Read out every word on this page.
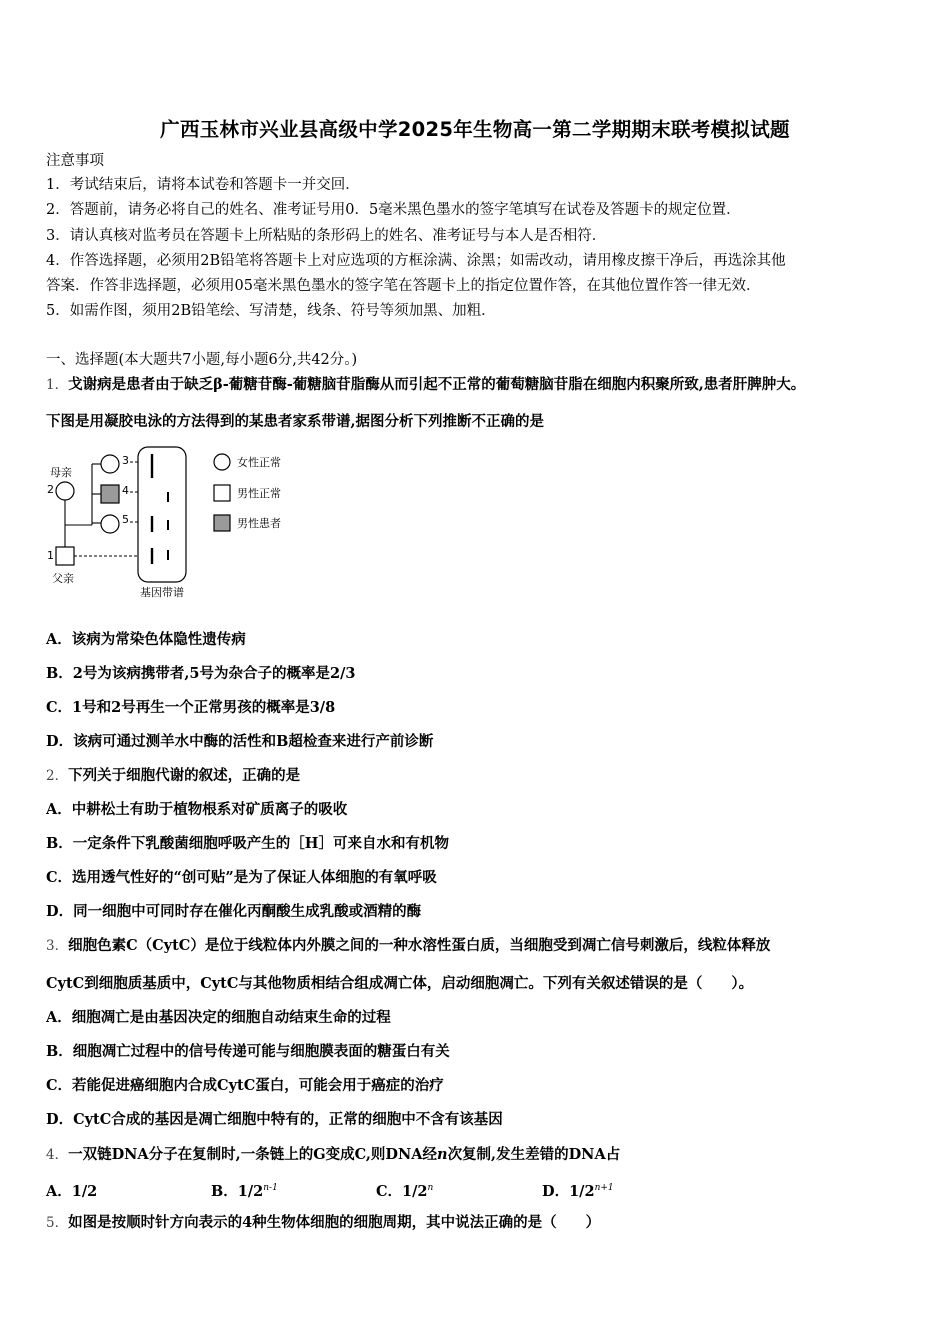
广西玉林市兴业县高级中学2025年生物高一第二学期期末联考模拟试题
注意事项
1．考试结束后，请将本试卷和答题卡一并交回．
2．答题前，请务必将自己的姓名、准考证号用0．5毫米黑色墨水的签字笔填写在试卷及答题卡的规定位置．
3．请认真核对监考员在答题卡上所粘贴的条形码上的姓名、准考证号与本人是否相符．
4．作答选择题，必须用2B铅笔将答题卡上对应选项的方框涂满、涂黑；如需改动，请用橡皮擦干净后，再选涂其他
答案．作答非选择题，必须用05毫米黑色墨水的签字笔在答题卡上的指定位置作答，在其他位置作答一律无效．
5．如需作图，须用2B铅笔绘、写清楚，线条、符号等须加黑、加粗．
一、选择题(本大题共7小题,每小题6分,共42分。)
1．戈谢病是患者由于缺乏β-葡糖苷酶-葡糖脑苷脂酶从而引起不正常的葡萄糖脑苷脂在细胞内积聚所致,患者肝脾肿大。
下图是用凝胶电泳的方法得到的某患者家系带谱,据图分析下列推断不正确的是
母亲
2
1
父亲
3
4
5
基因带谱
女性正常
男性正常
男性患者
A．该病为常染色体隐性遗传病
B．2号为该病携带者,5号为杂合子的概率是2/3
C．1号和2号再生一个正常男孩的概率是3/8
D．该病可通过测羊水中酶的活性和B超检查来进行产前诊断
2．下列关于细胞代谢的叙述，正确的是
A．中耕松土有助于植物根系对矿质离子的吸收
B．一定条件下乳酸菌细胞呼吸产生的［H］可来自水和有机物
C．选用透气性好的“创可贴”是为了保证人体细胞的有氧呼吸
D．同一细胞中可同时存在催化丙酮酸生成乳酸或酒精的酶
3．细胞色素C（CytC）是位于线粒体内外膜之间的一种水溶性蛋白质，当细胞受到凋亡信号刺激后，线粒体释放
CytC到细胞质基质中，CytC与其他物质相结合组成凋亡体，启动细胞凋亡。下列有关叙述错误的是（　　）。
A．细胞凋亡是由基因决定的细胞自动结束生命的过程
B．细胞凋亡过程中的信号传递可能与细胞膜表面的糖蛋白有关
C．若能促进癌细胞内合成CytC蛋白，可能会用于癌症的治疗
D．CytC合成的基因是凋亡细胞中特有的，正常的细胞中不含有该基因
4．一双链DNA分子在复制时,一条链上的G变成C,则DNA经n次复制,发生差错的DNA占
A．1/2	B．1/2$^{n-1}$	C．1/2$^n$	D．$1/2^{n+1}$
5．如图是按顺时针方向表示的4种生物体细胞的细胞周期，其中说法正确的是（　　）
